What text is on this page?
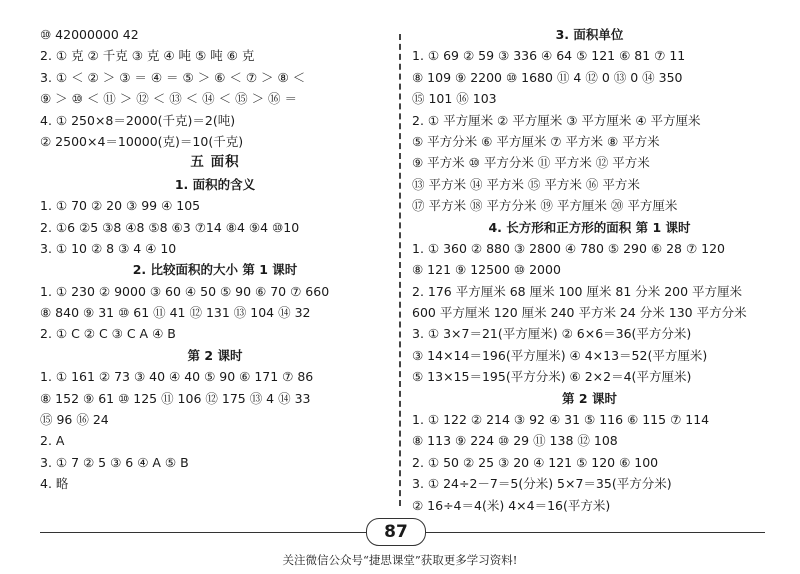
⑩ 42000000 42
2. ① 克 ② 千克 ③ 克 ④ 吨 ⑤ 吨 ⑥ 克
3. ① ＜ ② ＞ ③ ＝ ④ ＝ ⑤ ＞ ⑥ ＜ ⑦ ＞ ⑧ ＜
⑨ ＞ ⑩ ＜ ⑪ ＞ ⑫ ＜ ⑬ ＜ ⑭ ＜ ⑮ ＞ ⑯ ＝
4. ① 250×8＝2000(千克)＝2(吨)
② 2500×4＝10000(克)＝10(千克)
五 面积
1. 面积的含义
1. ① 70 ② 20 ③ 99 ④ 105
2. ①6 ②5 ③8 ④8 ⑤8 ⑥3 ⑦14 ⑧4 ⑨4 ⑩10
3. ① 10 ② 8 ③ 4 ④ 10
2. 比较面积的大小 第 1 课时
1. ① 230 ② 9000 ③ 60 ④ 50 ⑤ 90 ⑥ 70 ⑦ 660
⑧ 840 ⑨ 31 ⑩ 61 ⑪ 41 ⑫ 131 ⑬ 104 ⑭ 32
2. ① C ② C ③ C A ④ B
第 2 课时
1. ① 161 ② 73 ③ 40 ④ 40 ⑤ 90 ⑥ 171 ⑦ 86
⑧ 152 ⑨ 61 ⑩ 125 ⑪ 106 ⑫ 175 ⑬ 4 ⑭ 33
⑮ 96 ⑯ 24
2. A
3. ① 7 ② 5 ③ 6 ④ A ⑤ B
4. 略
3. 面积单位
1. ① 69 ② 59 ③ 336 ④ 64 ⑤ 121 ⑥ 81 ⑦ 11
⑧ 109 ⑨ 2200 ⑩ 1680 ⑪ 4 ⑫ 0 ⑬ 0 ⑭ 350
⑮ 101 ⑯ 103
2. ① 平方厘米 ② 平方厘米 ③ 平方厘米 ④ 平方厘米
⑤ 平方分米 ⑥ 平方厘米 ⑦ 平方米 ⑧ 平方米
⑨ 平方米 ⑩ 平方分米 ⑪ 平方米 ⑫ 平方米
⑬ 平方米 ⑭ 平方米 ⑮ 平方米 ⑯ 平方米
⑰ 平方米 ⑱ 平方分米 ⑲ 平方厘米 ⑳ 平方厘米
4. 长方形和正方形的面积 第 1 课时
1. ① 360 ② 880 ③ 2800 ④ 780 ⑤ 290 ⑥ 28 ⑦ 120
⑧ 121 ⑨ 12500 ⑩ 2000
2. 176 平方厘米 68 厘米 100 厘米 81 分米 200 平方厘米
600 平方厘米 120 厘米 240 平方米 24 分米 130 平方分米
3. ① 3×7＝21(平方厘米) ② 6×6＝36(平方分米)
③ 14×14＝196(平方厘米) ④ 4×13＝52(平方厘米)
⑤ 13×15＝195(平方分米) ⑥ 2×2＝4(平方厘米)
第 2 课时
1. ① 122 ② 214 ③ 92 ④ 31 ⑤ 116 ⑥ 115 ⑦ 114
⑧ 113 ⑨ 224 ⑩ 29 ⑪ 138 ⑫ 108
2. ① 50 ② 25 ③ 20 ④ 121 ⑤ 120 ⑥ 100
3. ① 24÷2－7＝5(分米) 5×7＝35(平方分米)
② 16÷4＝4(米) 4×4＝16(平方米)
87
关注微信公众号“捷思课堂”获取更多学习资料!
